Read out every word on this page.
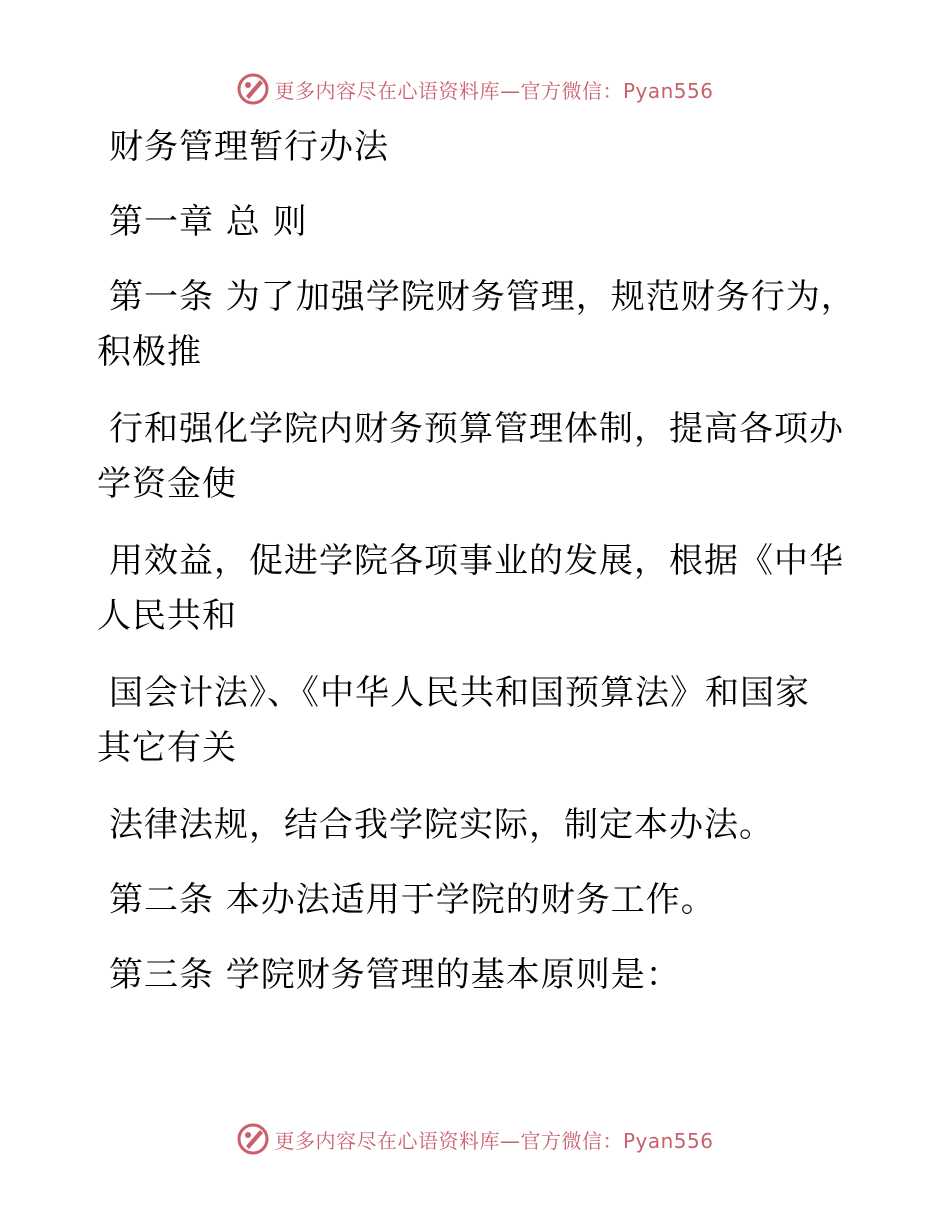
更多内容尽在心语资料库—官方微信：Pyan556
财务管理暂行办法
第一章 总 则
第一条 为了加强学院财务管理，规范财务行为，
积极推
行和强化学院内财务预算管理体制，提高各项办
学资金使
用效益，促进学院各项事业的发展，根据《中华
人民共和
国会计法》、《中华人民共和国预算法》和国家
其它有关
法律法规，结合我学院实际，制定本办法。
第二条 本办法适用于学院的财务工作。
第三条 学院财务管理的基本原则是：
更多内容尽在心语资料库—官方微信：Pyan556
